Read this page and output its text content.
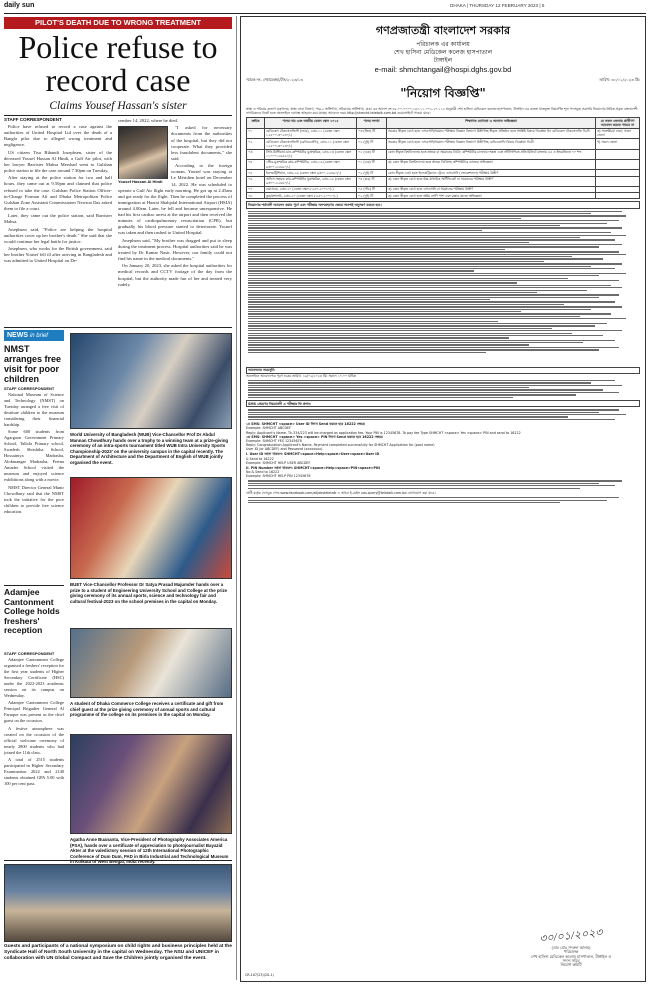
daily sun	DHAKA | THURSDAY 12 FEBRUARY 2023 | 5
PILOT'S DEATH DUE TO WRONG TREATMENT
Police refuse to record case
Claims Yousef Hassan's sister
STAFF CORRESPONDENT

Police have refused to record a case against the authorities of United Hospital Ltd over the death of a Bangla pilot due to alleged wrong treatment and negligence.

US citizen Tisa Rihandi Josephsen, sister of the deceased Yousef Hassan Al Hindi, a Gulf Air pilot, with her lawyer Barrister Mahsa Mershad went to Gulshan police station to file the case around 7.30pm on Tuesday.

After staying at the police station for two and half hours, they came out at 9.50pm and claimed that police refused to take the case. Gulshan Police Station Officer-in-Charge Forman Ali and Dhaka Metropolitan Police Gulshan Zone Assistant Commissioner Newton Das asked them to file a court.

Later, they came out the police station, said Barrister Mahsa.

Josephsen said, "Police are helping the hospital authorities cover up her brother's death." She said that she would continue her legal battle for justice.

Josephsen, who works for the British government, said her brother Yousef fell ill after arriving in Bangladesh and was admitted to United Hospital on De-

cember 14, 2022, where he died.

"I asked for necessary documents from the authorities of the hospital, but they did not cooperate. What they provided less fraudulent documents," she said.

According to the foreign woman, Yousef was staying at Le Méridien hotel on December 14, 2022. He was scheduled to operate a Gulf Air flight early morning. He got up at 2.45am and got ready for the flight. Then he completed the process of immigration at Hazrat Shahjalal International Airport (HSIA) around 4.00am. Later, he fell and became unresponsive. He had his first cardiac arrest at the airport and then received the minutes of cardiopulmonary resuscitation (CPR), but gradually his blood pressure started to deteriorate. Yousef was taken and then rushed to United Hospital.

Josephsen said, "My brother was dragged and put to sleep during the treatment process. Hospital authorities said he was treated by Dr Kamar Nasir. However, our family could not find his name in the medical documents."

On January 20, 2023, she asked the hospital authorities for medical records and CCTV footage of the day from the hospital, but the authority made fun of her and treated very rudely.

Yousef Hassan Al Hindi
NEWS in brief
NMST arranges free visit for poor children
STAFF CORRESPONDENT

National Museum of Science and Technology (NMST) on Tuesday arranged a free visit of destitute children to the museum considering their financial hardship.

Some 600 students from Agargaon Government Primary School, Tallola Primary school, Swadesh Shrishtha School, Hossainiya Madrasha, Alokmangar Madrasha, Prerna Amader School visited the museum and enjoyed science exhibitions along with a movie.

NMST Director General Munir Chowdhury said that the NMST took the initiative for the poor children to provide free science education.

Adamjee Cantonment College holds freshers' reception
STAFF CORRESPONDENT

Adamjee Cantonment College organised a freshers' reception for the first year students of Higher Secondary Certificate (HSC) under the 2022-2023 academic session on its campus on Wednesday.

Adamjee Cantonment College Principal Brigadier General Al Faruque was present as the chief guest on the occasion.

A festive atmosphere was created on the occasion of the official welcome ceremony of nearly 2800 students who had joined the 11th class.

A total of 2515 students participated in Higher Secondary Examination 2022 and 2140 students obtained GPA 5.00 with 100 per cent pass.

World University of Bangladesh (WUB) Vice-Chancellor Prof Dr Abdul Mannan Chowdhury hands over a trophy to a winning team at a prize-giving ceremony of an intra-sports tournament titled WUB Intra University Sports Championship-2023' on the university campus in the capital recently. The Department of Architecture and the Department of English of WUB jointly organised the event.
BUET Vice-Chancellor Professor Dr Satya Prasad Majumder hands over a prize to a student of Engineering University School and College at the prize giving ceremony of its annual sports, science and technology fair and cultural festival-2023 on the school premises in the capital on Monday.
A student of Dhaka Commerce College receives a certificate and gift from chief guest at the prize giving ceremony of annual sports and cultural programme of the college on its premises in the capital on Monday.
Agatha Anne Buananta, Vice-President of Photography Associates America (PSA), hands over a certificate of appreciation to photojournalist Bayazid Akter at the valedictory session of 12th International Photographic Conference of Dum Dum, PAD in Birla Industrial and Technological Museum in Kolkata of West Bengal, India recently.
Guests and participants of a national symposium on child rights and business principles held at the Syndicate Hall of North South University in the capital on Wednesday. The NSU and UNICEF in collaboration with UN Global Compact and Save the Children jointly organised the event.
গণপ্রজাতন্ত্রী বাংলাদেশ সরকার
পরিচালক এর কার্যালয়
শেখ হাসিনা মেডিকেল কলেজ হাসপাতাল
টাঙ্গাইল
e-mail: shmchtangail@hospi.dghs.gov.bd
স্মারক নং- শেহামেকহা/টাং/২০২৩/১৩	তারিখ: ৩০/০১/২০২৩ খ্রি:
"নিয়োগ বিজ্ঞপ্তি"
স্বাস্থ্য ও পরিবার কল্যাণ মন্ত্রণালয়, স্বাস্থ্য সেবা বিভাগ, পার-২ অধিশাখা, সচিবালয় অধিশাখা, ঢাকা এর আদেশ নং ৪৫.০০.০০০০.১৪০.১১.০০২.২০.১১২ অনুযায়ী শেখ হাসিনা মেডিকেল কলেজ হাসপাতাল, টাঙ্গাইল এর রাজস্ব খাতভুক্ত নিম্নবর্ণিত শূন্য পদসমূহে সরাসরি নিয়োগের নিমিত্ত প্রকৃত বাংলাদেশী নাগরিকদের নিকট হতে অনলাইনে দরখাস্ত আহবান করা যাচ্ছে। আবেদন ফরম http://shmcht.teletalk.com.bd ওয়েবসাইটে পাওয়া যাবে।
ক্রমিক	পদের নাম এবং জাতীয় বেতন স্কেল ২০১৫	পদের সংখ্যা	শিক্ষাগত যোগ্যতা ও অন্যান্য অভিজ্ঞতা	যে সকল জেলার প্রার্থীগণ আবেদন করতে পারবে না
০১	মেডিকেল টেকনোলজিস্ট (ল্যাব), গ্রেড-১১ (বেতন স্কেল ১২৫০০-৩০২৩০/-)	০৩ (তিন) টি	সরকার স্বীকৃত বোর্ড হতে এসএসসি/সমমান পরীক্ষায় বিজ্ঞান বিভাগে উত্তীর্ণসহ স্বীকৃত প্রতিষ্ঠান হতে সংশ্লিষ্ট বিষয়ে ডিপ্লোমা ইন মেডিকেল টেকনোলজি ডিগ্রী	ক) সাতক্ষীরা/ ঢাকা; সকল জেলা
০২	মেডিকেল টেকনোলজিস্ট (রেডিওগ্রাফি), গ্রেড-১১ (বেতন স্কেল ১২৫০০-৩০২৩০/-)	০২ (দুই) টি	সরকার স্বীকৃত বোর্ড হতে এসএসসি/সমমান পরীক্ষায় বিজ্ঞান বিভাগে উত্তীর্ণসহ রেডিওগ্রাফি বিষয়ে ডিপ্লোমা ডিগ্রী	খ) সকল জেলা
০৩	সিনি.মিস্টিয়ার্ড মান-কম্পিউটার মুদ্রাক্ষরিক, গ্রেড-১৩ (বেতন স্কেল ১১০০০-২৬৫৯০/-)	০১ (এক) টি	কোন স্বীকৃত বিশ্ববিদ্যালয় হতে স্নাতক বা সমমানের ডিগ্রি; কম্পিউটার চালনায় দক্ষতা এবং সাঁটলিপিতে প্রতি মিনিটে বাংলায় ৪৫ ও ইংরেজিতে ৭০ শব্দ	
০৪	স্টোর-মুদ্রাক্ষরিক কাম-কম্পিউটার, গ্রেড-১৬ (বেতন স্কেল ৯৩০০-২২৪৯০/-)	০১ (এক) টি	ক) কোন স্বীকৃত বিশ্ববিদ্যালয় হতে স্নাতক ডিগ্রিসহ কম্পিউটারে কাজের অভিজ্ঞতা	
০৫	ইলেকট্রিশিয়ান, গ্রেড-১৬ (বেতন স্কেল ৯৩০০-২২৪৯০/-)	০২ (দুই) টি	কোন স্বীকৃত বোর্ড হতে ইলেকট্রিক্যাল ট্রেডে এসএসসি (ভোকেশনাল) পরীক্ষায় উত্তীর্ণ	
০৬	অফিস সহায়ক কাম-কম্পিউটার মুদ্রাক্ষরিক, গ্রেড-১৬ (বেতন স্কেল ৯৩০০-২২৪৯০/-)	০৪ (চার) টি	ক) কোন স্বীকৃত বোর্ড হতে উচ্চ মাধ্যমিক সার্টিফিকেট বা সমমানের পরীক্ষায় উত্তীর্ণ	
০৭	ওয়ার্ডবয়, গ্রেড-২০ (বেতন স্কেল ৮২৫০-২০০১০/-)	০৫ (পাঁচ) টি	ক) কোন স্বীকৃত বোর্ড হতে এসএসসি বা সমমানের পরীক্ষায় উত্তীর্ণ	
০৮	কুক/মশালচি, গ্রেড-২০ (বেতন স্কেল ৮২৫০-২০০১০/-)	০২ (দুই) টি	ক) কোন স্বীকৃত বোর্ড হতে অষ্টম শ্রেণি পাশ এবং রান্নার কাজে অভিজ্ঞতা	
নিয়োগের শর্তাবলী আবেদন করার পূর্বে এবং পরীক্ষায় অংশগ্রহণের ক্ষেত্রে অবশ্যই অনুসরণ করতে হবে।
আবেদনের সময়সূচী:
অনলাইনে আবেদনপত্র পূরণ শুরুর তারিখ: ১৬/০২/২০২৩ খ্রি: সকাল ১০.০০ ঘটিকা
SMS প্রেরণের নিয়মাবলী ও পরীক্ষার ফি প্রদান:
১ম SMS: SHMCHT <space> User ID লিখে Send করতে হবে 16222 নম্বরে।
Example: SHMCHT ABCDEF
Reply: Applicant's Name, Tk-334/223 will be charged as application fee. Your PIN is 12345678. To pay fee Type SHMCHT <space> Yes <space> PIN and send to 16222
২য় SMS: SHMCHT <space> Yes <space> PIN লিখে Send করতে হবে 16222 নম্বরে।
Example: SHMCHT YES 12345678
Reply: Congratulation Applicant's Name, Payment completed successfully for SHMCHT Application for (post name)
User ID (or ABCDEF) and Password (xxxxxxxx).
I. User ID জানা থাকলে: SHMCHT<space>Help<space>User<space>User ID
& Send to 16222
Example: SHMCHT HELP USER ABCDEF
II. PIN Number জানা থাকলে: SHMCHT<space>Help<space>PIN<space>PIN
No & Send to 16222
Example: SHMCHT HELP PIN 12345678
প্রার্থী কর্তৃক ফেসবুক পেজ www.facebook.com/alljobsteletalk এ অথবা ই-মেইল vas.query@teletalk.com.bd যোগাযোগ করা যাবে।
৩০/০১/২০২৩
(ডাঃ মোঃ সদরুল আলম)
পরিচালক
শেখ হাসিনা মেডিকেল কলেজ হাসপাতাল, টাঙ্গাইল ও
সদস্য সচিব
নিয়োগ কমিটি
CR-107(23)(20-1)
